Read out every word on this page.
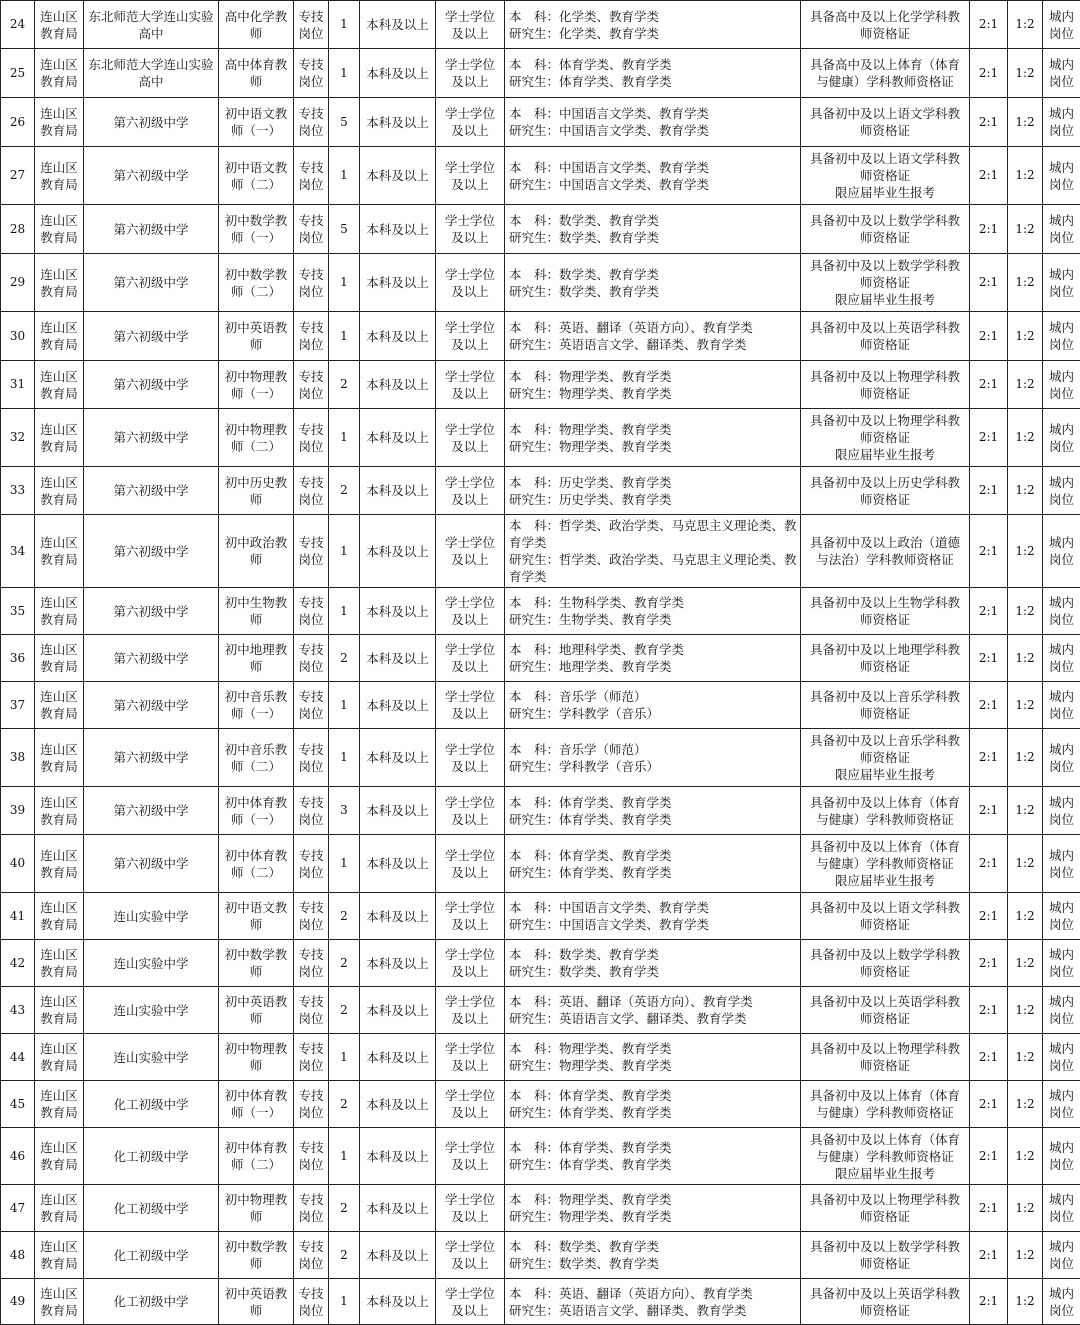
24	连山区教育局	东北师范大学连山实验高中	高中化学教师	专技岗位	1	本科及以上	学士学位及以上	本　科：化学类、教育学类
研究生：化学类、教育学类	具备高中及以上化学学科教师资格证	2:1	1:2	城内岗位
25	连山区教育局	东北师范大学连山实验高中	高中体育教师	专技岗位	1	本科及以上	学士学位及以上	本　科：体育学类、教育学类
研究生：体育学类、教育学类	具备高中及以上体育（体育与健康）学科教师资格证	2:1	1:2	城内岗位
26	连山区教育局	第六初级中学	初中语文教师（一）	专技岗位	5	本科及以上	学士学位及以上	本　科：中国语言文学类、教育学类
研究生：中国语言文学类、教育学类	具备初中及以上语文学科教师资格证	2:1	1:2	城内岗位
27	连山区教育局	第六初级中学	初中语文教师（二）	专技岗位	1	本科及以上	学士学位及以上	本　科：中国语言文学类、教育学类
研究生：中国语言文学类、教育学类	具备初中及以上语文学科教师资格证
限应届毕业生报考	2:1	1:2	城内岗位
28	连山区教育局	第六初级中学	初中数学教师（一）	专技岗位	5	本科及以上	学士学位及以上	本　科：数学类、教育学类
研究生：数学类、教育学类	具备初中及以上数学学科教师资格证	2:1	1:2	城内岗位
29	连山区教育局	第六初级中学	初中数学教师（二）	专技岗位	1	本科及以上	学士学位及以上	本　科：数学类、教育学类
研究生：数学类、教育学类	具备初中及以上数学学科教师资格证
限应届毕业生报考	2:1	1:2	城内岗位
30	连山区教育局	第六初级中学	初中英语教师	专技岗位	1	本科及以上	学士学位及以上	本　科：英语、翻译（英语方向）、教育学类
研究生：英语语言文学、翻译类、教育学类	具备初中及以上英语学科教师资格证	2:1	1:2	城内岗位
31	连山区教育局	第六初级中学	初中物理教师（一）	专技岗位	2	本科及以上	学士学位及以上	本　科：物理学类、教育学类
研究生：物理学类、教育学类	具备初中及以上物理学科教师资格证	2:1	1:2	城内岗位
32	连山区教育局	第六初级中学	初中物理教师（二）	专技岗位	1	本科及以上	学士学位及以上	本　科：物理学类、教育学类
研究生：物理学类、教育学类	具备初中及以上物理学科教师资格证
限应届毕业生报考	2:1	1:2	城内岗位
33	连山区教育局	第六初级中学	初中历史教师	专技岗位	2	本科及以上	学士学位及以上	本　科：历史学类、教育学类
研究生：历史学类、教育学类	具备初中及以上历史学科教师资格证	2:1	1:2	城内岗位
34	连山区教育局	第六初级中学	初中政治教师	专技岗位	1	本科及以上	学士学位及以上	本　科：哲学类、政治学类、马克思主义理论类、教育学类
研究生：哲学类、政治学类、马克思主义理论类、教育学类	具备初中及以上政治（道德与法治）学科教师资格证	2:1	1:2	城内岗位
35	连山区教育局	第六初级中学	初中生物教师	专技岗位	1	本科及以上	学士学位及以上	本　科：生物科学类、教育学类
研究生：生物学类、教育学类	具备初中及以上生物学科教师资格证	2:1	1:2	城内岗位
36	连山区教育局	第六初级中学	初中地理教师	专技岗位	2	本科及以上	学士学位及以上	本　科：地理科学类、教育学类
研究生：地理学类、教育学类	具备初中及以上地理学科教师资格证	2:1	1:2	城内岗位
37	连山区教育局	第六初级中学	初中音乐教师（一）	专技岗位	1	本科及以上	学士学位及以上	本　科：音乐学（师范）
研究生：学科教学（音乐）	具备初中及以上音乐学科教师资格证	2:1	1:2	城内岗位
38	连山区教育局	第六初级中学	初中音乐教师（二）	专技岗位	1	本科及以上	学士学位及以上	本　科：音乐学（师范）
研究生：学科教学（音乐）	具备初中及以上音乐学科教师资格证
限应届毕业生报考	2:1	1:2	城内岗位
39	连山区教育局	第六初级中学	初中体育教师（一）	专技岗位	3	本科及以上	学士学位及以上	本　科：体育学类、教育学类
研究生：体育学类、教育学类	具备初中及以上体育（体育与健康）学科教师资格证	2:1	1:2	城内岗位
40	连山区教育局	第六初级中学	初中体育教师（二）	专技岗位	1	本科及以上	学士学位及以上	本　科：体育学类、教育学类
研究生：体育学类、教育学类	具备初中及以上体育（体育与健康）学科教师资格证
限应届毕业生报考	2:1	1:2	城内岗位
41	连山区教育局	连山实验中学	初中语文教师	专技岗位	2	本科及以上	学士学位及以上	本　科：中国语言文学类、教育学类
研究生：中国语言文学类、教育学类	具备初中及以上语文学科教师资格证	2:1	1:2	城内岗位
42	连山区教育局	连山实验中学	初中数学教师	专技岗位	2	本科及以上	学士学位及以上	本　科：数学类、教育学类
研究生：数学类、教育学类	具备初中及以上数学学科教师资格证	2:1	1:2	城内岗位
43	连山区教育局	连山实验中学	初中英语教师	专技岗位	2	本科及以上	学士学位及以上	本　科：英语、翻译（英语方向）、教育学类
研究生：英语语言文学、翻译类、教育学类	具备初中及以上英语学科教师资格证	2:1	1:2	城内岗位
44	连山区教育局	连山实验中学	初中物理教师	专技岗位	1	本科及以上	学士学位及以上	本　科：物理学类、教育学类
研究生：物理学类、教育学类	具备初中及以上物理学科教师资格证	2:1	1:2	城内岗位
45	连山区教育局	化工初级中学	初中体育教师（一）	专技岗位	2	本科及以上	学士学位及以上	本　科：体育学类、教育学类
研究生：体育学类、教育学类	具备初中及以上体育（体育与健康）学科教师资格证	2:1	1:2	城内岗位
46	连山区教育局	化工初级中学	初中体育教师（二）	专技岗位	1	本科及以上	学士学位及以上	本　科：体育学类、教育学类
研究生：体育学类、教育学类	具备初中及以上体育（体育与健康）学科教师资格证
限应届毕业生报考	2:1	1:2	城内岗位
47	连山区教育局	化工初级中学	初中物理教师	专技岗位	2	本科及以上	学士学位及以上	本　科：物理学类、教育学类
研究生：物理学类、教育学类	具备初中及以上物理学科教师资格证	2:1	1:2	城内岗位
48	连山区教育局	化工初级中学	初中数学教师	专技岗位	2	本科及以上	学士学位及以上	本　科：数学类、教育学类
研究生：数学类、教育学类	具备初中及以上数学学科教师资格证	2:1	1:2	城内岗位
49	连山区教育局	化工初级中学	初中英语教师	专技岗位	1	本科及以上	学士学位及以上	本　科：英语、翻译（英语方向）、教育学类
研究生：英语语言文学、翻译类、教育学类	具备初中及以上英语学科教师资格证	2:1	1:2	城内岗位
